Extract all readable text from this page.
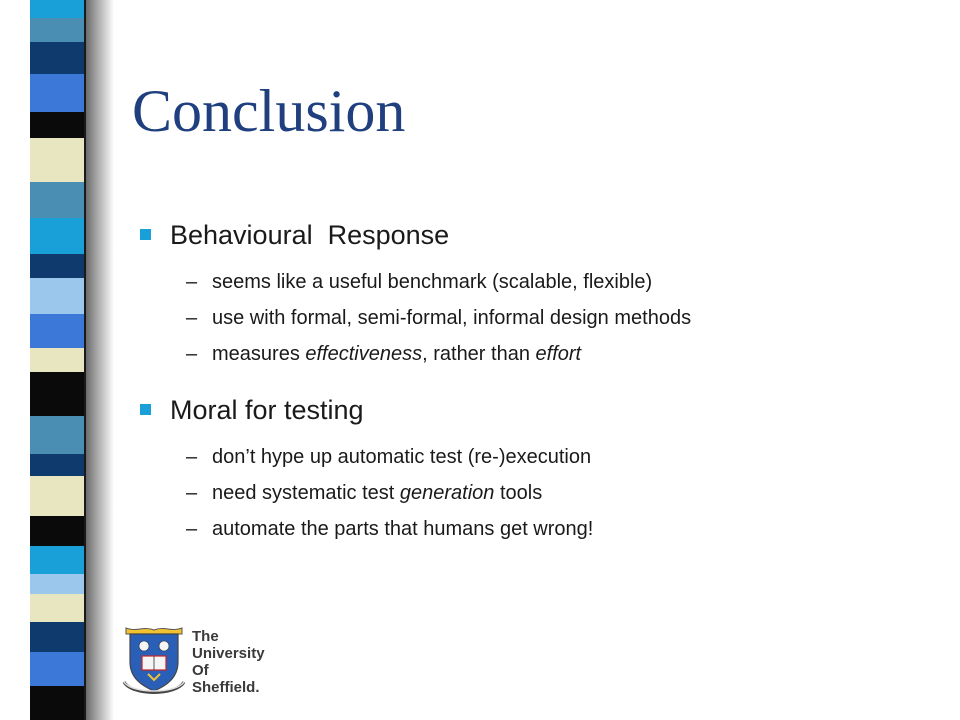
Conclusion
Behavioural  Response
– seems like a useful benchmark (scalable, flexible)
– use with formal, semi-formal, informal design methods
– measures effectiveness, rather than effort
Moral for testing
– don’t hype up automatic test (re-)execution
– need systematic test generation tools
– automate the parts that humans get wrong!
The
University
Of
Sheffield.
